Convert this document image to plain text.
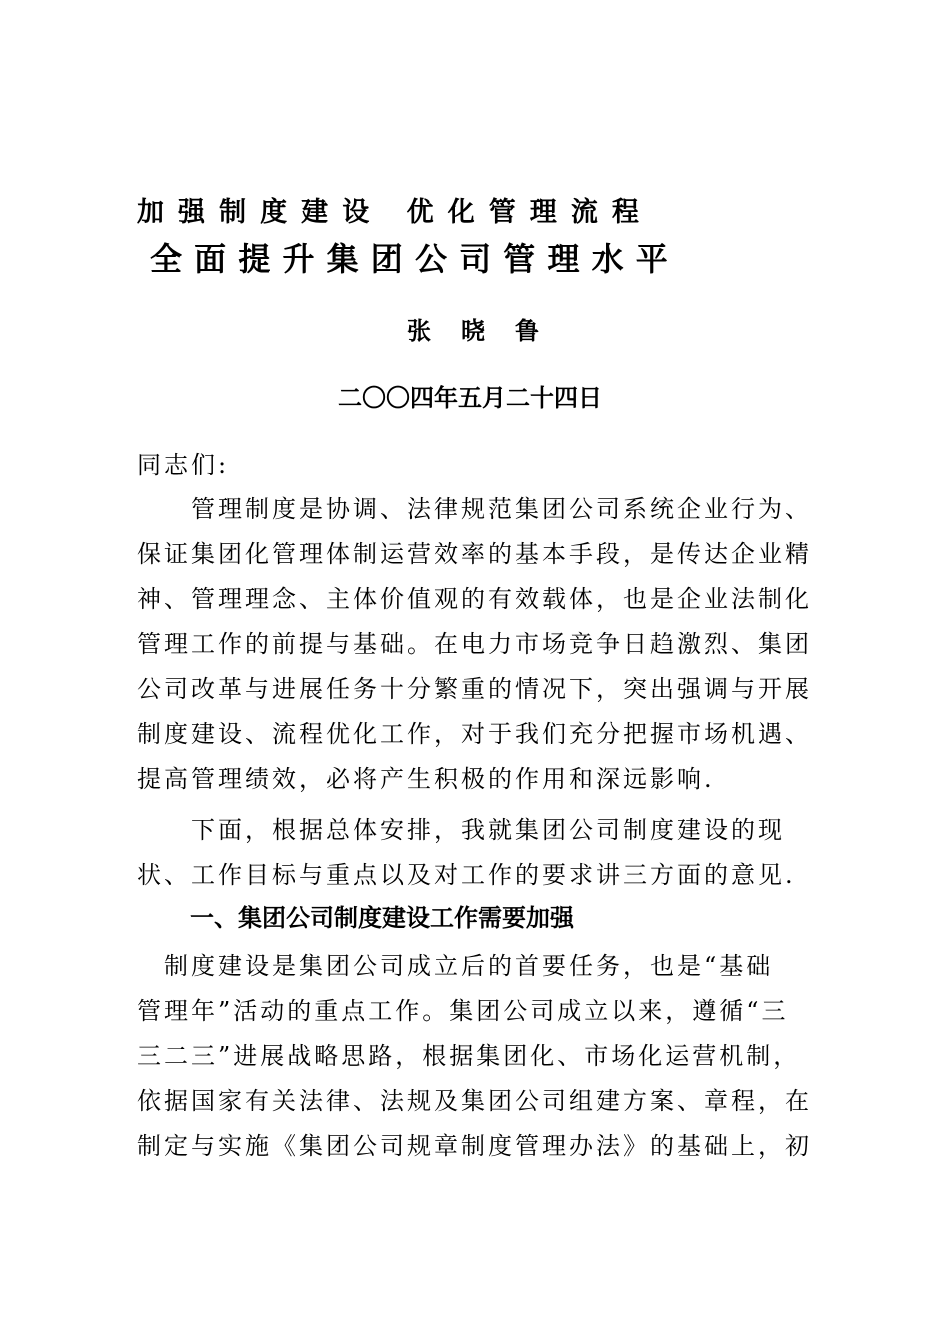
加强制度建设 优化管理流程
全面提升集团公司管理水平
张晓鲁
二〇〇四年五月二十四日
同志们:
　　管理制度是协调、法律规范集团公司系统企业行为、
保证集团化管理体制运营效率的基本手段，是传达企业精
神、管理理念、主体价值观的有效载体，也是企业法制化
管理工作的前提与基础。在电力市场竞争日趋激烈、集团
公司改革与进展任务十分繁重的情况下，突出强调与开展
制度建设、流程优化工作，对于我们充分把握市场机遇、
提高管理绩效，必将产生积极的作用和深远影响.
　　下面，根据总体安排，我就集团公司制度建设的现
状、工作目标与重点以及对工作的要求讲三方面的意见.
一、集团公司制度建设工作需要加强
　制度建设是集团公司成立后的首要任务，也是“基础
管理年”活动的重点工作。集团公司成立以来，遵循“三
三二三”进展战略思路，根据集团化、市场化运营机制，
依据国家有关法律、法规及集团公司组建方案、章程，在
制定与实施《集团公司规章制度管理办法》的基础上，初
